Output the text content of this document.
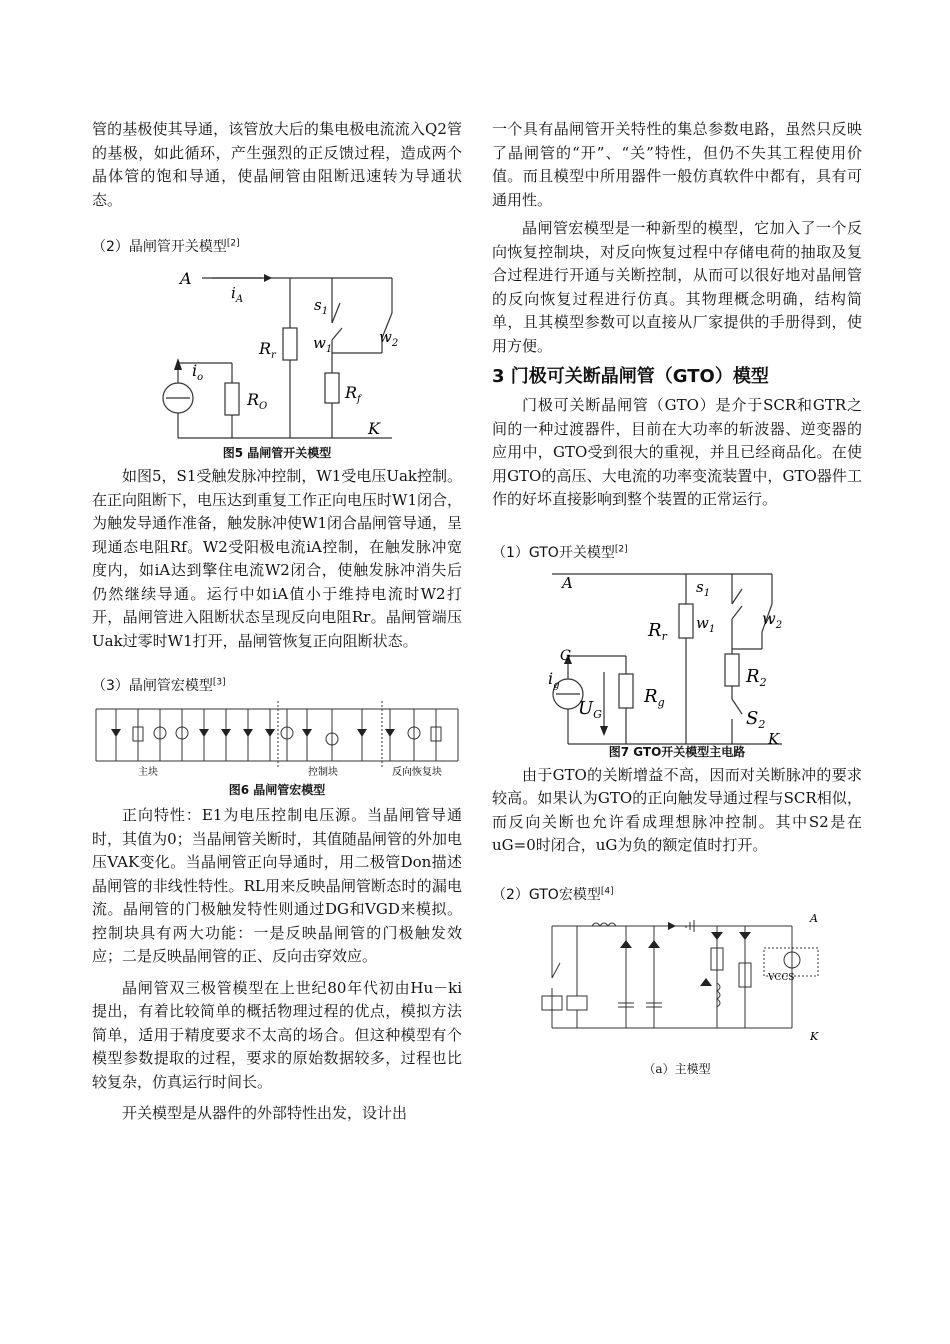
管的基极使其导通，该管放大后的集电极电流流入Q2管的基极，如此循环，产生强烈的正反馈过程，造成两个晶体管的饱和导通，使晶闸管由阻断迅速转为导通状态。

（2）晶闸管开关模型[2]

A
$i_A$	$s_1$
$w_1$
$w_2$
$R_r$
$i_o$
$R_O$
$R_f$
K

图5 晶闸管开关模型

如图5，S1受触发脉冲控制，W1受电压Uak控制。在正向阻断下，电压达到重复工作正向电压时W1闭合，为触发导通作准备，触发脉冲使W1闭合晶闸管导通，呈现通态电阻Rf。W2受阳极电流iA控制，在触发脉冲宽度内，如iA达到擎住电流W2闭合，使触发脉冲消失后仍然继续导通。运行中如iA值小于维持电流时W2打开，晶闸管进入阻断状态呈现反向电阻Rr。晶闸管端压Uak过零时W1打开，晶闸管恢复正向阻断状态。

（3）晶闸管宏模型[3]

主块	控制块	反向恢复块

图6 晶闸管宏模型

正向特性：E1为电压控制电压源。当晶闸管导通时，其值为0；当晶闸管关断时，其值随晶闸管的外加电压VAK变化。当晶闸管正向导通时，用二极管Don描述晶闸管的非线性特性。RL用来反映晶闸管断态时的漏电流。晶闸管的门极触发特性则通过DG和VGD来模拟。控制块具有两大功能：一是反映晶闸管的门极触发效应；二是反映晶闸管的正、反向击穿效应。

晶闸管双三极管模型在上世纪80年代初由Hu－ki提出，有着比较简单的概括物理过程的优点，模拟方法简单，适用于精度要求不太高的场合。但这种模型有个模型参数提取的过程，要求的原始数据较多，过程也比较复杂，仿真运行时间长。

开关模型是从器件的外部特性出发，设计出

一个具有晶闸管开关特性的集总参数电路，虽然只反映了晶闸管的“开”、“关”特性，但仍不失其工程使用价值。而且模型中所用器件一般仿真软件中都有，具有可通用性。

晶闸管宏模型是一种新型的模型，它加入了一个反向恢复控制块，对反向恢复过程中存储电荷的抽取及复合过程进行开通与关断控制，从而可以很好地对晶闸管的反向恢复过程进行仿真。其物理概念明确，结构简单，且其模型参数可以直接从厂家提供的手册得到，使用方便。

3 门极可关断晶闸管（GTO）模型

门极可关断晶闸管（GTO）是介于SCR和GTR之间的一种过渡器件，目前在大功率的斩波器、逆变器的应用中，GTO受到很大的重视，并且已经商品化。在使用GTO的高压、大电流的功率变流装置中，GTO器件工作的好坏直接影响到整个装置的正常运行。

（1）GTO开关模型[2]

A	$s_1$
$w_1$
$w_2$
$R_r$
G
$i_g$
$U_G$
$R_g$
$R_2$
$S_2$
K

图7 GTO开关模型主电路

由于GTO的关断增益不高，因而对关断脉冲的要求较高。如果认为GTO的正向触发导通过程与SCR相似，而反向关断也允许看成理想脉冲控制。其中S2是在uG=0时闭合，uG为负的额定值时打开。

（2）GTO宏模型[4]

VCCS
A
K

（a）主模型
